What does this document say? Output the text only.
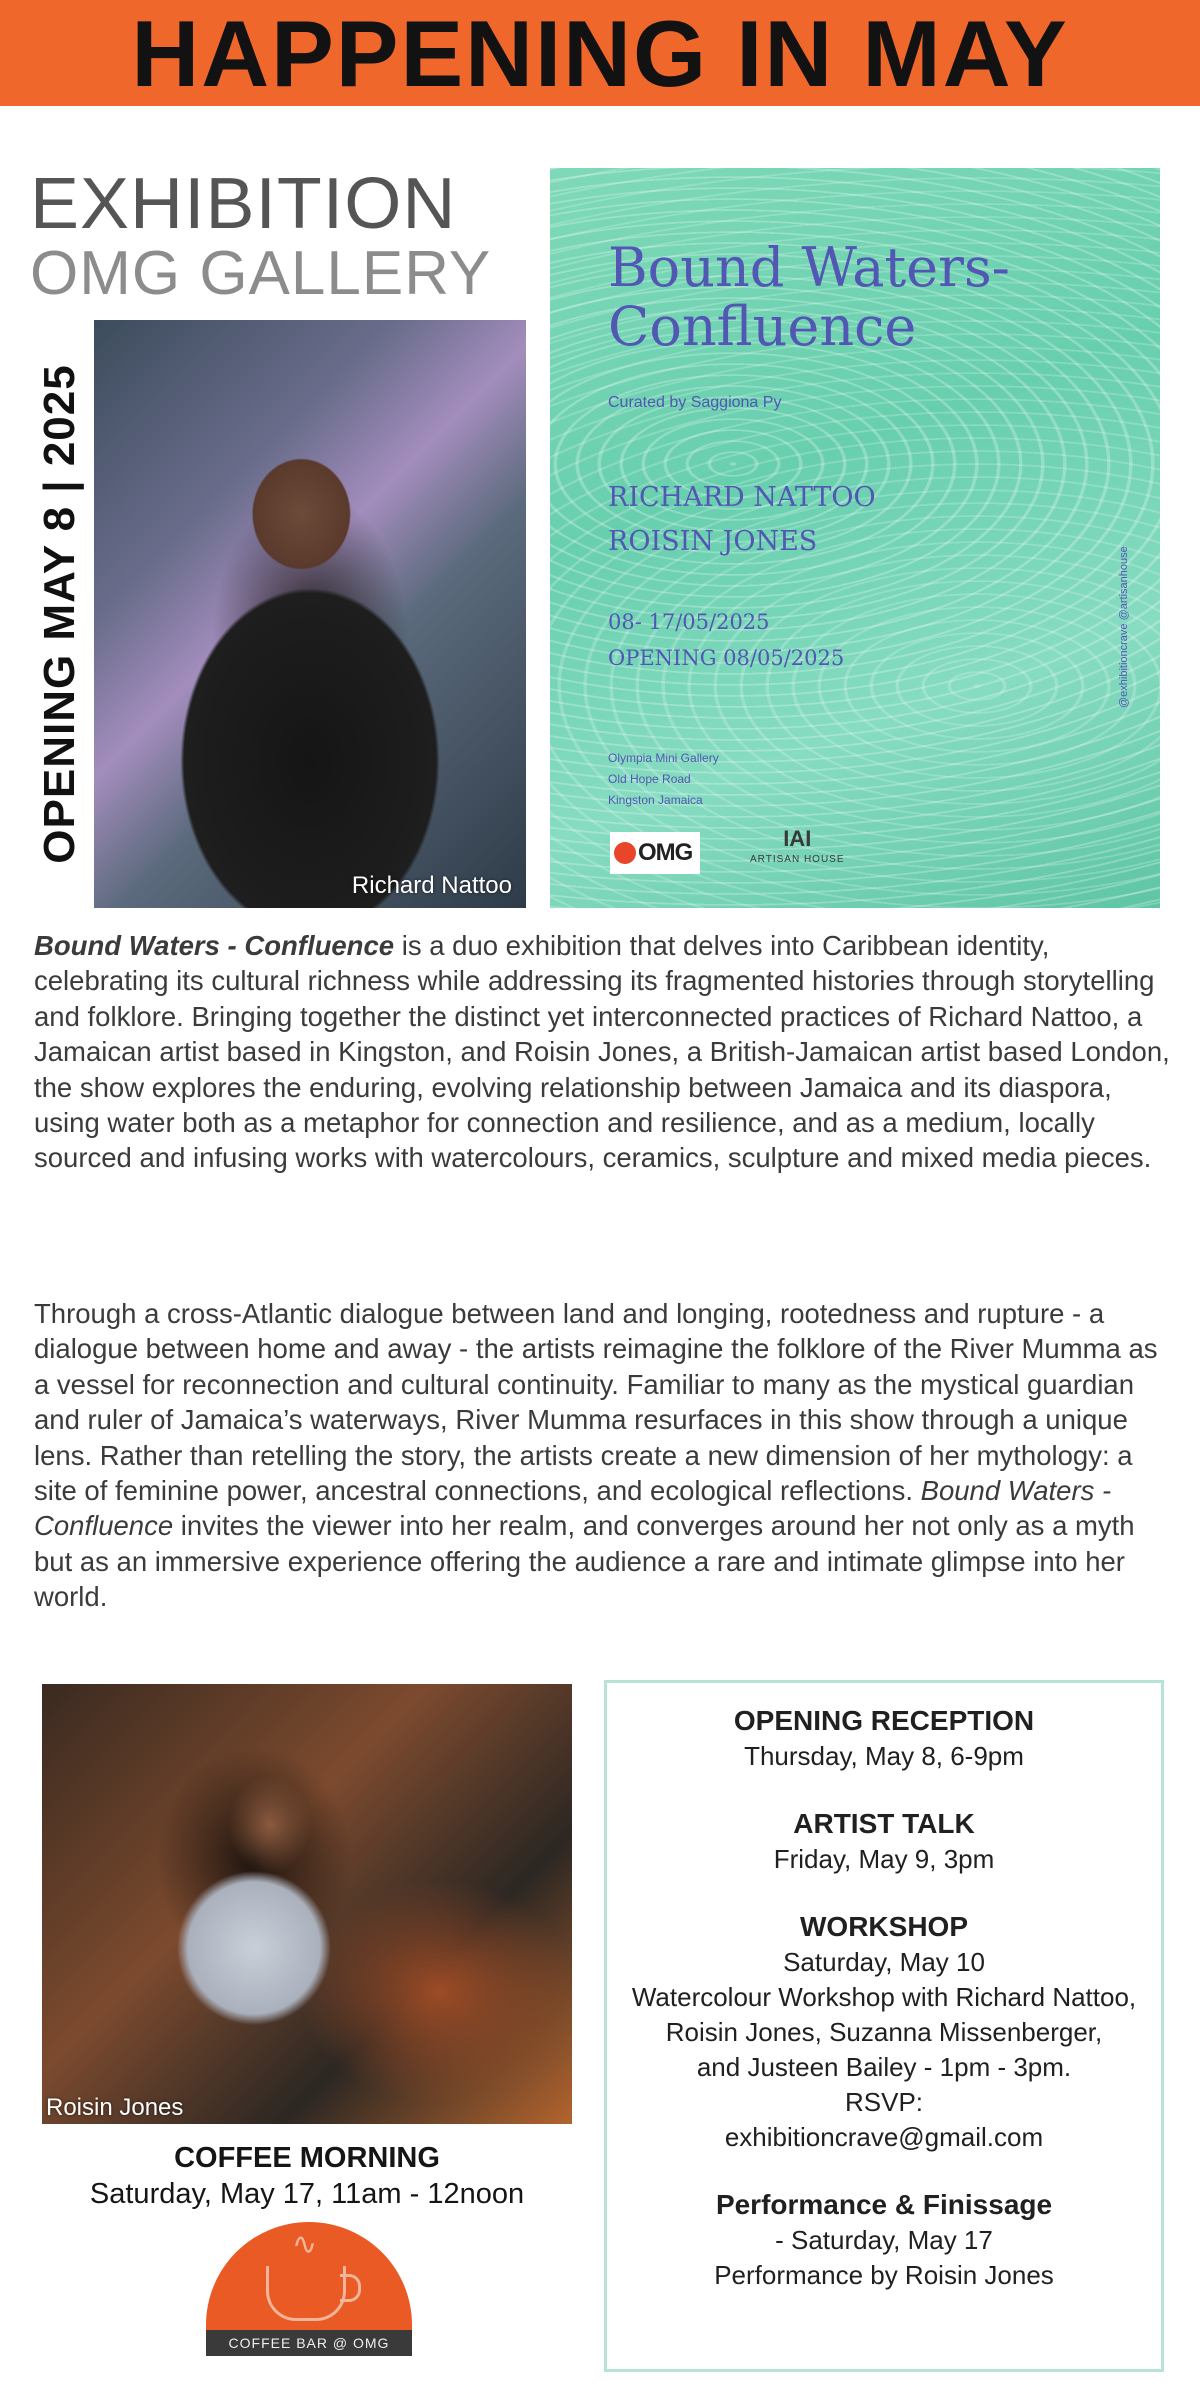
HAPPENING IN MAY
EXHIBITION
OMG GALLERY
OPENING MAY 8 | 2025
Richard Nattoo
Bound Waters-
Confluence
Curated by Saggiona Py
RICHARD NATTOO
ROISIN JONES
08- 17/05/2025
OPENING 08/05/2025
Olympia Mini Gallery
Old Hope Road
Kingston Jamaica
@exhibitioncrave @artisanhouse
OMG
IAI
ARTISAN HOUSE
Bound Waters - Confluence is a duo exhibition that delves into Caribbean identity, celebrating its cultural richness while addressing its fragmented histories through storytelling and folklore. Bringing together the distinct yet interconnected practices of Richard Nattoo, a Jamaican artist based in Kingston, and Roisin Jones, a British-Jamaican artist based London, the show explores the enduring, evolving relationship between Jamaica and its diaspora, using water both as a metaphor for connection and resilience, and as a medium, locally sourced and infusing works with watercolours, ceramics, sculpture and mixed media pieces.
Through a cross-Atlantic dialogue between land and longing, rootedness and rupture - a dialogue between home and away - the artists reimagine the folklore of the River Mumma as a vessel for reconnection and cultural continuity. Familiar to many as the mystical guardian and ruler of Jamaica’s waterways, River Mumma resurfaces in this show through a unique lens. Rather than retelling the story, the artists create a new dimension of her mythology: a site of feminine power, ancestral connections, and ecological reflections. Bound Waters - Confluence invites the viewer into her realm, and converges around her not only as a myth but as an immersive experience offering the audience a rare and intimate glimpse into her world.
Roisin Jones
COFFEE MORNING
Saturday, May 17, 11am - 12noon
∿
COFFEE BAR @ OMG
OPENING RECEPTION
Thursday, May 8, 6-9pm
ARTIST TALK
Friday, May 9, 3pm
WORKSHOP
Saturday, May 10
Watercolour Workshop with Richard Nattoo,
Roisin Jones, Suzanna Missenberger,
and Justeen Bailey - 1pm - 3pm.
RSVP:
exhibitioncrave@gmail.com
Performance & Finissage
- Saturday, May 17
Performance by Roisin Jones
